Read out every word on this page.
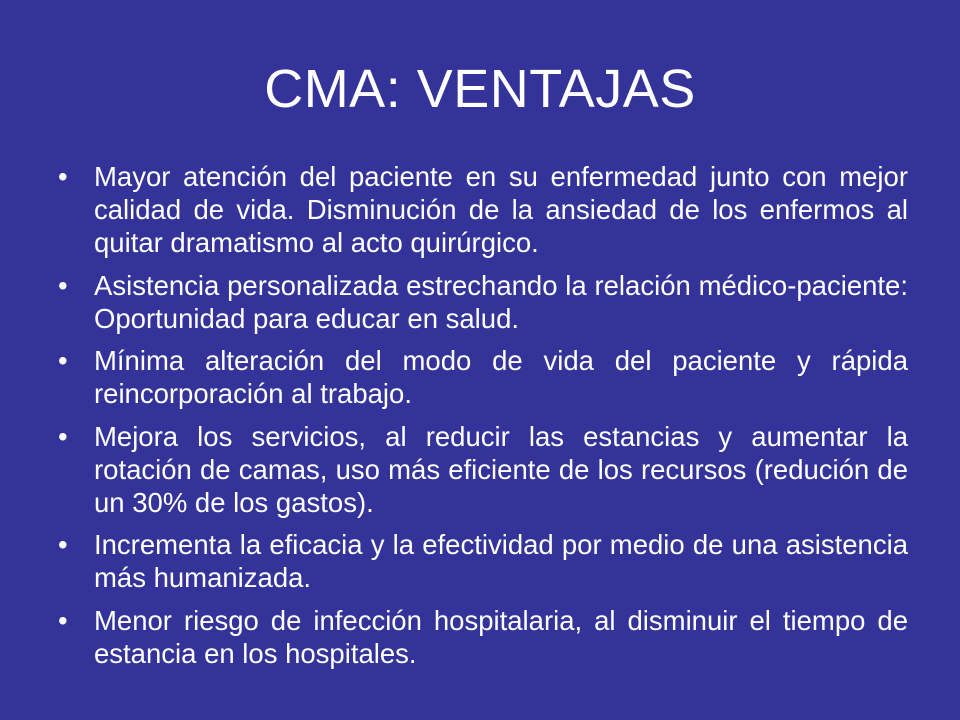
CMA: VENTAJAS
• Mayor atención del paciente en su enfermedad junto con mejor calidad de vida. Disminución de la ansiedad de los enfermos al quitar dramatismo al acto quirúrgico.
• Asistencia personalizada estrechando la relación médico-paciente: Oportunidad para educar en salud.
• Mínima alteración del modo de vida del paciente y rápida reincorporación al trabajo.
• Mejora los servicios, al reducir las estancias y aumentar la rotación de camas, uso más eficiente de los recursos (redución de un 30% de los gastos).
• Incrementa la eficacia y la efectividad por medio de una asistencia más humanizada.
• Menor riesgo de infección hospitalaria, al disminuir el tiempo de estancia en los hospitales.
